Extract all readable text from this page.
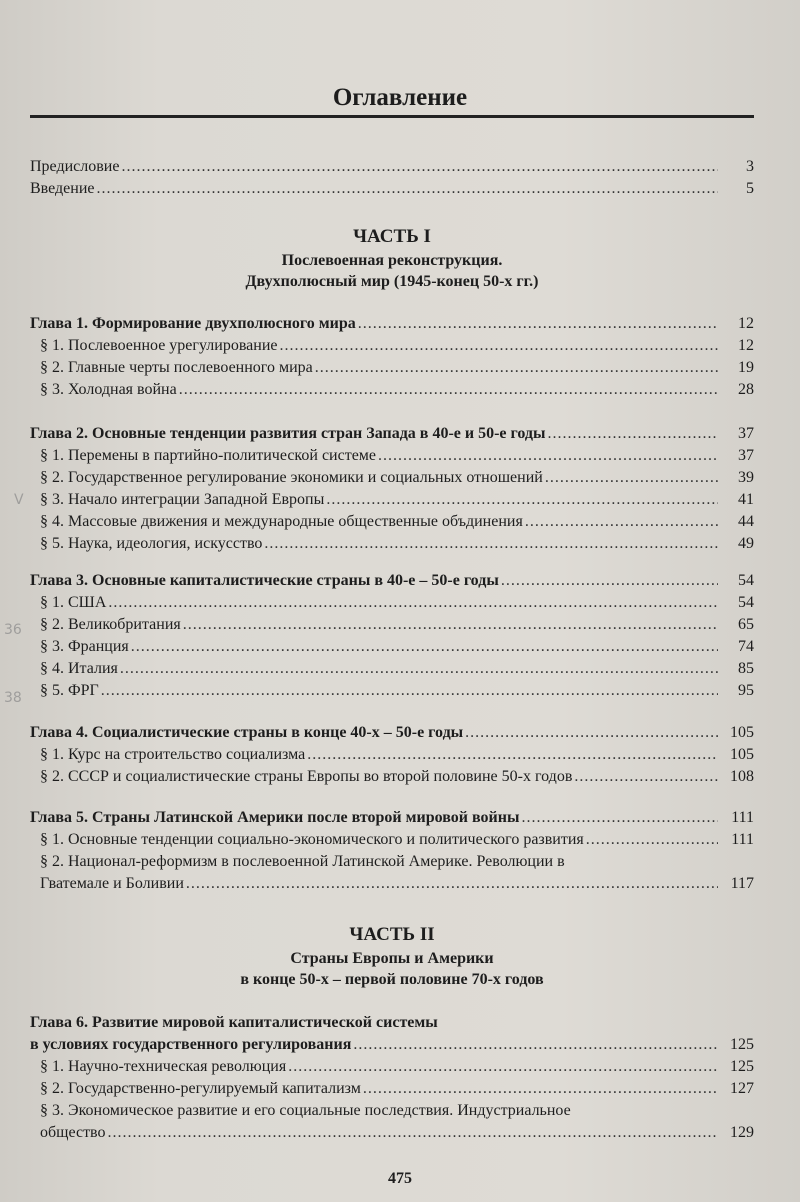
Оглавление
Предисловие .....	3
Введение .....	5
ЧАСТЬ I
Послевоенная реконструкция.
Двухполюсный мир (1945-конец 50-х гг.)
Глава 1. Формирование двухполюсного мира .....	12
§ 1. Послевоенное урегулирование .....	12
§ 2. Главные черты послевоенного мира .....	19
§ 3. Холодная война .....	28
Глава 2. Основные тенденции развития стран Запада в 40-е и 50-е годы .....	37
§ 1. Перемены в партийно-политической системе .....	37
§ 2. Государственное регулирование экономики и социальных отношений .....	39
§ 3. Начало интеграции Западной Европы .....	41
§ 4. Массовые движения и международные общественные объдинения .....	44
§ 5. Наука, идеология, искусство .....	49
Глава 3. Основные капиталистические страны в 40-е – 50-е годы .....	54
§ 1. США .....	54
§ 2. Великобритания .....	65
§ 3. Франция .....	74
§ 4. Италия .....	85
§ 5. ФРГ .....	95
Глава 4. Социалистические страны в конце 40-х – 50-е годы .....	105
§ 1. Курс на строительство социализма .....	105
§ 2. СССР и социалистические страны Европы во второй половине 50-х годов .....	108
Глава 5. Страны Латинской Америки после второй мировой войны .....	111
§ 1. Основные тенденции социально-экономического и политического развития .....	111
§ 2. Национал-реформизм в послевоенной Латинской Америке. Революции в
Гватемале и Боливии .....	117
ЧАСТЬ II
Страны Европы и Америки
в конце 50-х – первой половине 70-х годов
Глава 6. Развитие мировой капиталистической системы
в условиях государственного регулирования .....	125
§ 1. Научно-техническая революция .....	125
§ 2. Государственно-регулируемый капитализм .....	127
§ 3. Экономическое развитие и его социальные последствия. Индустриальное
общество .....	129
V
36
38
475
